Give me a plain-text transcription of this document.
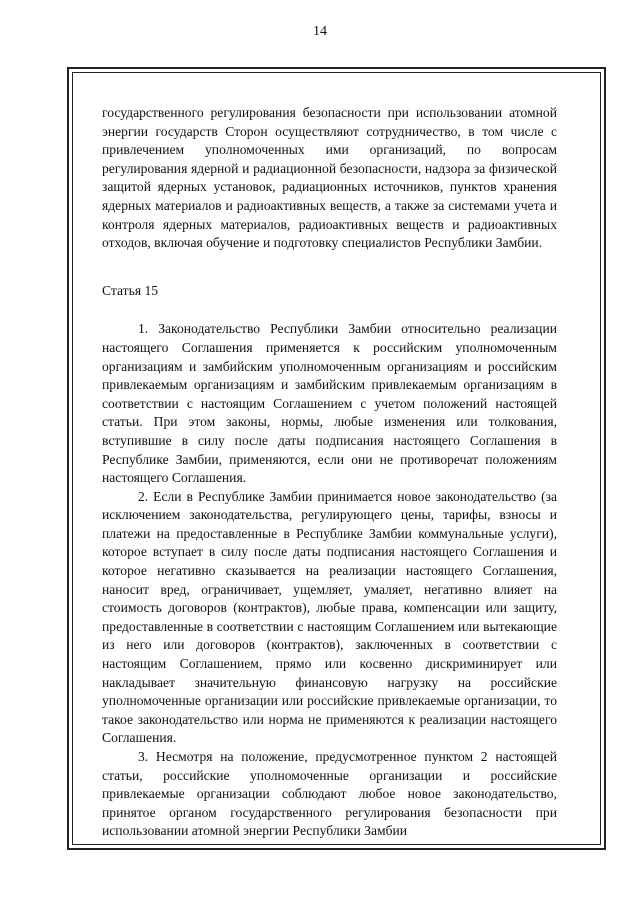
14

государственного регулирования безопасности при использовании атомной энергии государств Сторон осуществляют сотрудничество, в том числе с привлечением уполномоченных ими организаций, по вопросам регулирования ядерной и радиационной безопасности, надзора за физической защитой ядерных установок, радиационных источников, пунктов хранения ядерных материалов и радиоактивных веществ, а также за системами учета и контроля ядерных материалов, радиоактивных веществ и радиоактивных отходов, включая обучение и подготовку специалистов Республики Замбии.

Статья 15

1. Законодательство Республики Замбии относительно реализации настоящего Соглашения применяется к российским уполномоченным организациям и замбийским уполномоченным организациям и российским привлекаемым организациям и замбийским привлекаемым организациям в соответствии с настоящим Соглашением с учетом положений настоящей статьи. При этом законы, нормы, любые изменения или толкования, вступившие в силу после даты подписания настоящего Соглашения в Республике Замбии, применяются, если они не противоречат положениям настоящего Соглашения.

2. Если в Республике Замбии принимается новое законодательство (за исключением законодательства, регулирующего цены, тарифы, взносы и платежи на предоставленные в Республике Замбии коммунальные услуги), которое вступает в силу после даты подписания настоящего Соглашения и которое негативно сказывается на реализации настоящего Соглашения, наносит вред, ограничивает, ущемляет, умаляет, негативно влияет на стоимость договоров (контрактов), любые права, компенсации или защиту, предоставленные в соответствии с настоящим Соглашением или вытекающие из него или договоров (контрактов), заключенных в соответствии с настоящим Соглашением, прямо или косвенно дискриминирует или накладывает значительную финансовую нагрузку на российские уполномоченные организации или российские привлекаемые организации, то такое законодательство или норма не применяются к реализации настоящего Соглашения.

3. Несмотря на положение, предусмотренное пунктом 2 настоящей статьи, российские уполномоченные организации и российские привлекаемые организации соблюдают любое новое законодательство, принятое органом государственного регулирования безопасности при использовании атомной энергии Республики Замбии
